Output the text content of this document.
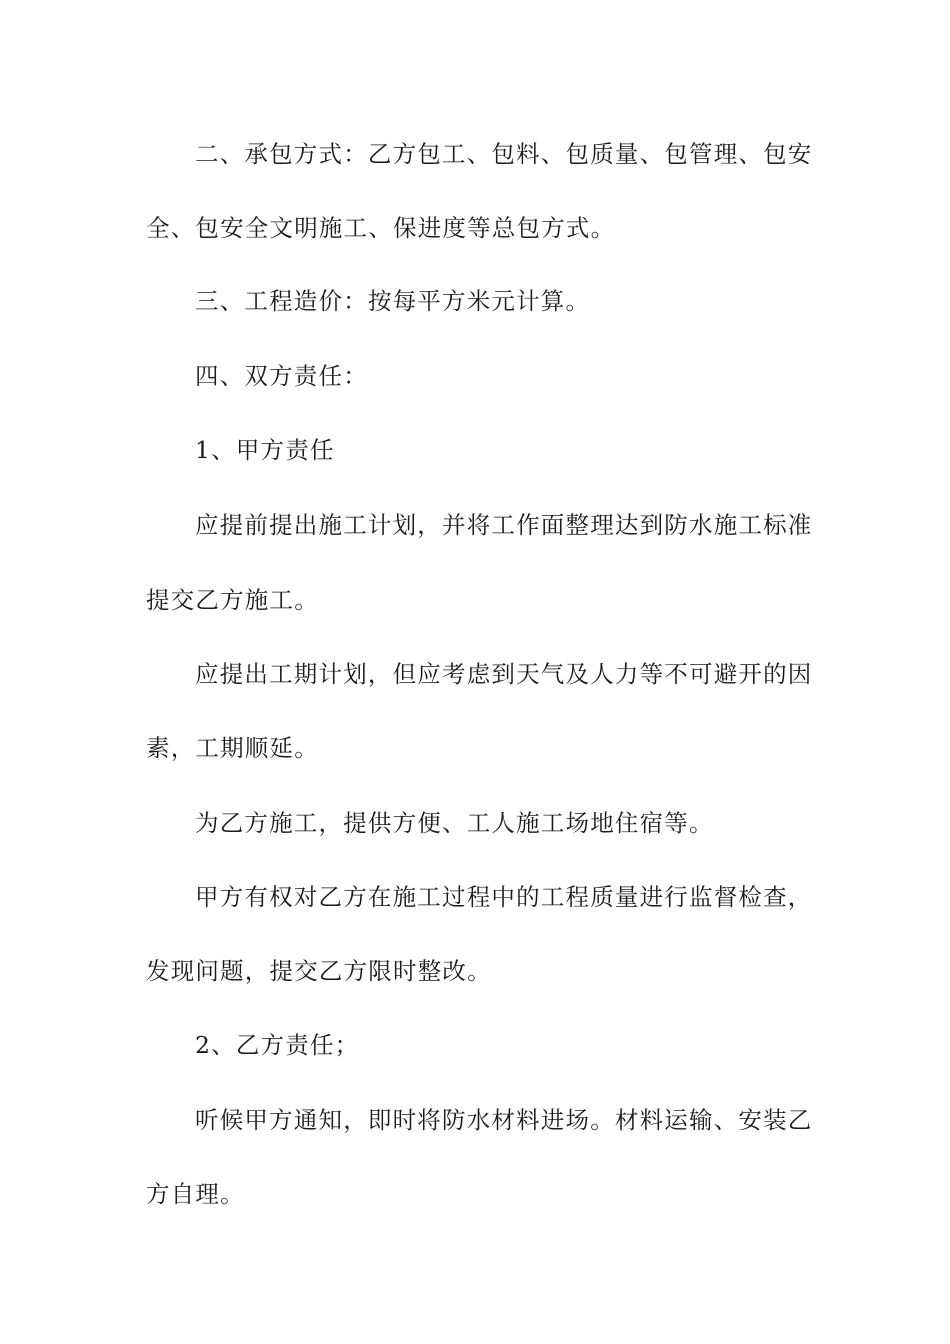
二、承包方式：乙方包工、包料、包质量、包管理、包安
全、包安全文明施工、保进度等总包方式。
三、工程造价：按每平方米元计算。
四、双方责任：
1、甲方责任
应提前提出施工计划，并将工作面整理达到防水施工标准
提交乙方施工。
应提出工期计划，但应考虑到天气及人力等不可避开的因
素，工期顺延。
为乙方施工，提供方便、工人施工场地住宿等。
甲方有权对乙方在施工过程中的工程质量进行监督检查，
发现问题，提交乙方限时整改。
2、乙方责任；
听候甲方通知，即时将防水材料进场。材料运输、安装乙
方自理。
